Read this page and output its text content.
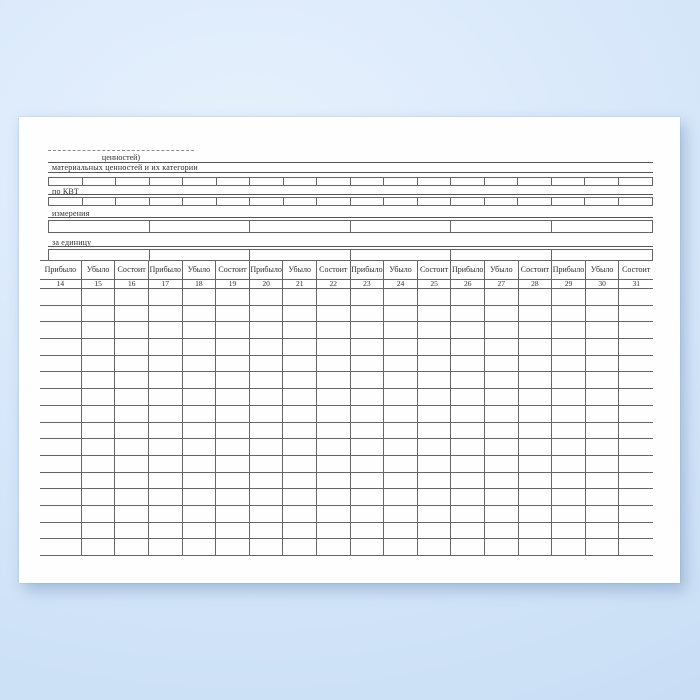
ценностей)
материальных ценностей и их категории
по КВТ
измерения
за единицу
Прибыло	Убыло	Состоит Прибыло Убыло	Состоит Прибыло Убыло	Состоит Прибыло Убыло	Состоит Прибыло Убыло	Состоит Прибыло Убыло	Состоит
14	15	16	17	18	19	20	21	22	23	24	25	26	27	28	29	30	31
